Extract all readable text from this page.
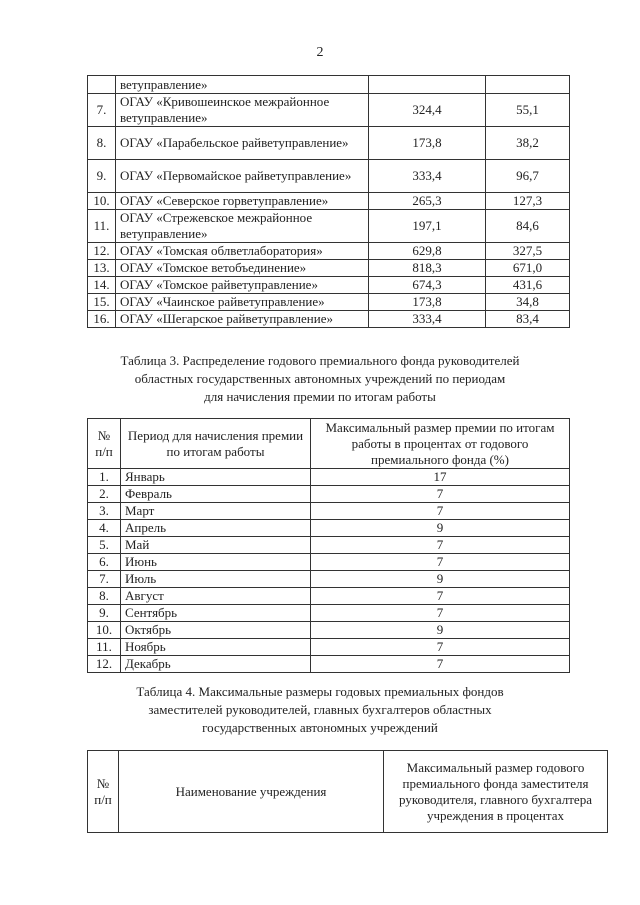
2
	ветуправление»		
7.	ОГАУ «Кривошеинское межрайонное ветуправление»	324,4	55,1
8.	ОГАУ «Парабельское райветуправление»	173,8	38,2
9.	ОГАУ «Первомайское райветуправление»	333,4	96,7
10.	ОГАУ «Северское горветуправление»	265,3	127,3
11.	ОГАУ «Стрежевское межрайонное ветуправление»	197,1	84,6
12.	ОГАУ «Томская облветлаборатория»	629,8	327,5
13.	ОГАУ «Томское ветобъединение»	818,3	671,0
14.	ОГАУ «Томское райветуправление»	674,3	431,6
15.	ОГАУ «Чаинское райветуправление»	173,8	34,8
16.	ОГАУ «Шегарское райветуправление»	333,4	83,4
Таблица 3. Распределение годового премиального фонда руководителей
областных государственных автономных учреждений по периодам
для начисления премии по итогам работы
№ п/п	Период для начисления премии по итогам работы	Максимальный размер премии по итогам работы в процентах от годового премиального фонда (%)
1.	Январь	17
2.	Февраль	7
3.	Март	7
4.	Апрель	9
5.	Май	7
6.	Июнь	7
7.	Июль	9
8.	Август	7
9.	Сентябрь	7
10.	Октябрь	9
11.	Ноябрь	7
12.	Декабрь	7
Таблица 4. Максимальные размеры годовых премиальных фондов
заместителей руководителей, главных бухгалтеров областных
государственных автономных учреждений
№ п/п	Наименование учреждения	Максимальный размер годового премиального фонда заместителя руководителя, главного бухгалтера учреждения в процентах
